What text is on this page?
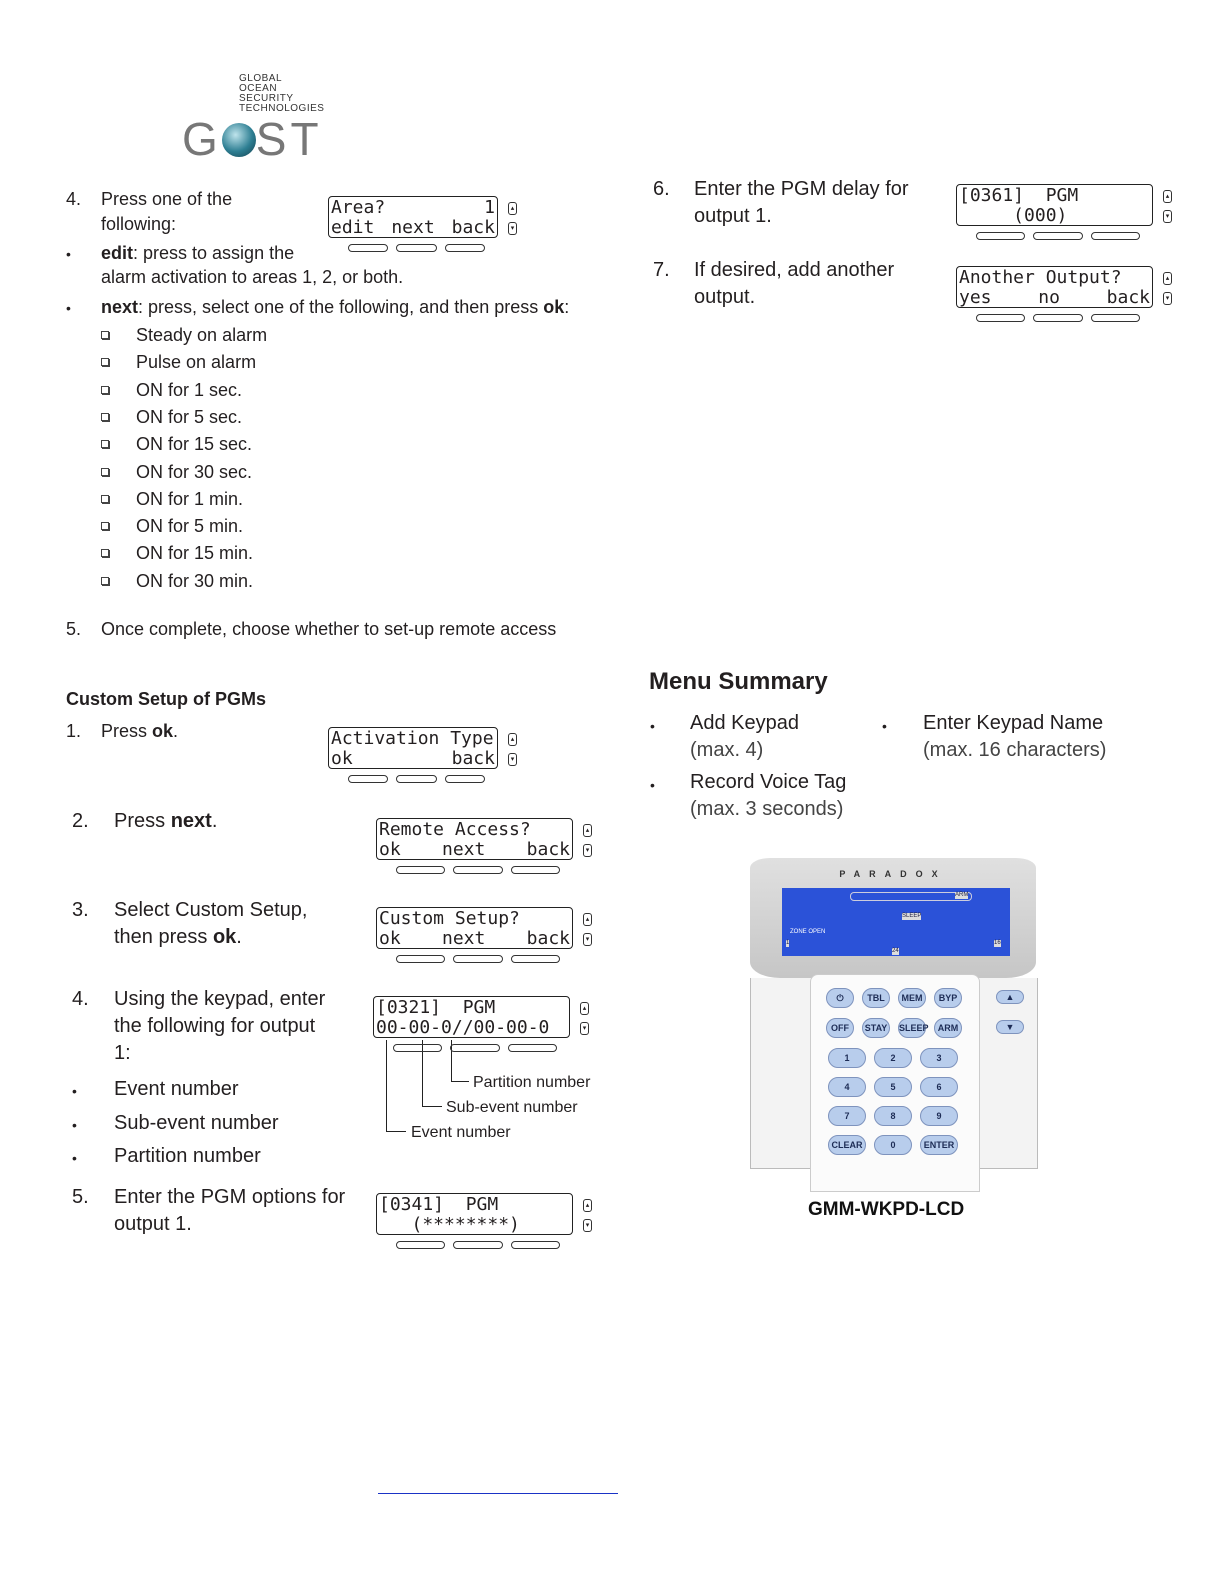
GLOBAL
OCEAN
SECURITY
TECHNOLOGIES
G ST
4. Press one of the
following:
• edit: press to assign the
alarm activation to areas 1, 2, or both.
• next: press, select one of the following, and then press ok:
Steady on alarm
Pulse on alarm
ON for 1 sec.
ON for 5 sec.
ON for 15 sec.
ON for 30 sec.
ON for 1 min.
ON for 5 min.
ON for 15 min.
ON for 30 min.
5. Once complete, choose whether to set-up remote access
Custom Setup of PGMs
1. Press ok.
2. Press next.
3. Select Custom Setup,
then press ok.
4. Using the keypad, enter
the following for output
1:
• Event number
• Sub-event number
• Partition number
Partition number
Sub-event number
Event number
5. Enter the PGM options for
output 1.
Area?	1
edit next back
▴
▾
Activation Type
ok	back
▴
▾
Remote Access?
ok next back
▴
▾
Custom Setup?
ok next back
▴
▾
[0321]  PGM
00-00-0//00-00-0
▴
▾
[0341]  PGM
(********)
▴
▾
[0361]  PGM
(000)
▴
▾
Another Output?
yes	no	back
▴
▾
6. Enter the PGM delay for
output 1.
7. If desired, add another
output.
Menu Summary
• Add Keypad
(max. 4)
• Enter Keypad Name
(max. 16 characters)
• Record Voice Tag
(max. 3 seconds)
PARADOX
ARM
SLEEP
ZONE OPEN
1	16
24
⏻	TBL	MEM	BYP
OFF	STAY	SLEEP	ARM
1	2	3
4	5	6
7	8	9
CLEAR	0	ENTER
▲
▼
GMM-WKPD-LCD
